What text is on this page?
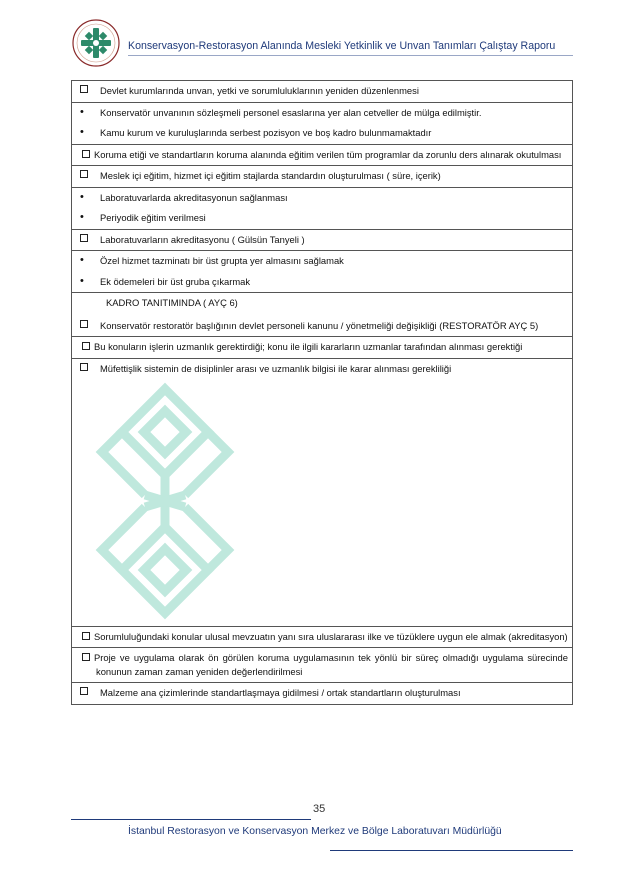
Konservasyon-Restorasyon Alanında Mesleki Yetkinlik ve Unvan Tanımları Çalıştay Raporu
Devlet kurumlarında unvan, yetki ve sorumluluklarının yeniden düzenlenmesi
•	Konservatör unvanının sözleşmeli personel esaslarına yer alan cetveller de mülga edilmiştir.
•	Kamu kurum ve kuruluşlarında serbest pozisyon ve boş kadro bulunmamaktadır
Koruma etiği ve standartların koruma alanında eğitim verilen tüm programlar da zorunlu ders alınarak okutulması
Meslek içi eğitim, hizmet içi eğitim stajlarda standardın oluşturulması ( süre, içerik)
•	Laboratuvarlarda akreditasyonun sağlanması
•	Periyodik eğitim verilmesi
Laboratuvarların akreditasyonu ( Gülsün Tanyeli )
•	Özel hizmet tazminatı bir üst grupta yer almasını sağlamak
•	Ek ödemeleri bir üst gruba çıkarmak
KADRO TANITIMINDA ( AYÇ 6)
Konservatör restoratör başlığının devlet personeli kanunu / yönetmeliği değişikliği (RESTORATÖR AYÇ 5)
Bu konuların işlerin uzmanlık gerektirdiği; konu ile ilgili kararların uzmanlar tarafından alınması gerektiği
Müfettişlik sistemin de disiplinler arası ve uzmanlık bilgisi ile karar alınması gerekliliği
Sorumluluğundaki konular ulusal mevzuatın yanı sıra uluslararası ilke ve tüzüklere uygun ele almak (akreditasyon)
Proje ve uygulama olarak ön görülen koruma uygulamasının tek yönlü bir süreç olmadığı uygulama sürecinde konunun zaman zaman yeniden değerlendirilmesi
Malzeme ana çizimlerinde standartlaşmaya gidilmesi / ortak standartların oluşturulması
35
İstanbul Restorasyon ve Konservasyon Merkez ve Bölge Laboratuvarı Müdürlüğü
